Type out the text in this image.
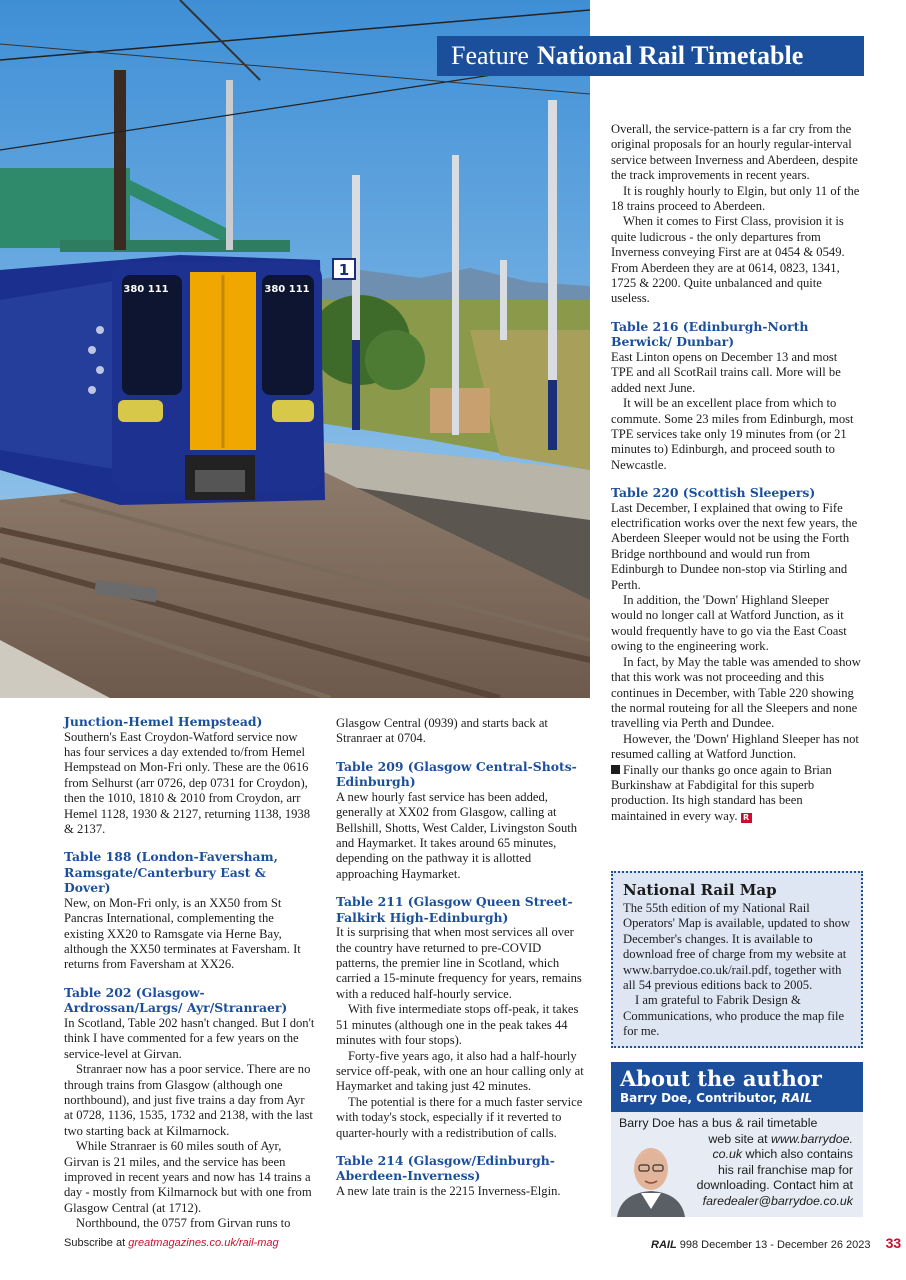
1
380 111	380 111
Feature National Rail Timetable
Junction-Hemel Hempstead)

Southern's East Croydon-Watford service now has four services a day extended to/from Hemel Hempstead on Mon-Fri only. These are the 0616 from Selhurst (arr 0726, dep 0731 for Croydon), then the 1010, 1810 & 2010 from Croydon, arr Hemel 1128, 1930 & 2127, returning 1138, 1938 & 2137.

Table 188 (London-Faversham, Ramsgate/Canterbury East & Dover)

New, on Mon-Fri only, is an XX50 from St Pancras International, complementing the existing XX20 to Ramsgate via Herne Bay, although the XX50 terminates at Faversham. It returns from Faversham at XX26.

Table 202 (Glasgow-Ardrossan/Largs/ Ayr/Stranraer)

In Scotland, Table 202 hasn't changed. But I don't think I have commented for a few years on the service-level at Girvan.

Stranraer now has a poor service. There are no through trains from Glasgow (although one northbound), and just five trains a day from Ayr at 0728, 1136, 1535, 1732 and 2138, with the last two starting back at Kilmarnock.

While Stranraer is 60 miles south of Ayr, Girvan is 21 miles, and the service has been improved in recent years and now has 14 trains a day - mostly from Kilmarnock but with one from Glasgow Central (at 1712).

Northbound, the 0757 from Girvan runs to

Glasgow Central (0939) and starts back at Stranraer at 0704.

Table 209 (Glasgow Central-Shots-Edinburgh)

A new hourly fast service has been added, generally at XX02 from Glasgow, calling at Bellshill, Shotts, West Calder, Livingston South and Haymarket. It takes around 65 minutes, depending on the pathway it is allotted approaching Haymarket.

Table 211 (Glasgow Queen Street-Falkirk High-Edinburgh)

It is surprising that when most services all over the country have returned to pre-COVID patterns, the premier line in Scotland, which carried a 15-minute frequency for years, remains with a reduced half-hourly service.

With five intermediate stops off-peak, it takes 51 minutes (although one in the peak takes 44 minutes with four stops).

Forty-five years ago, it also had a half-hourly service off-peak, with one an hour calling only at Haymarket and taking just 42 minutes.

The potential is there for a much faster service with today's stock, especially if it reverted to quarter-hourly with a redistribution of calls.

Table 214 (Glasgow/Edinburgh-Aberdeen-Inverness)

A new late train is the 2215 Inverness-Elgin.

Overall, the service-pattern is a far cry from the original proposals for an hourly regular-interval service between Inverness and Aberdeen, despite the track improvements in recent years.

It is roughly hourly to Elgin, but only 11 of the 18 trains proceed to Aberdeen.

When it comes to First Class, provision it is quite ludicrous - the only departures from Inverness conveying First are at 0454 & 0549. From Aberdeen they are at 0614, 0823, 1341, 1725 & 2200. Quite unbalanced and quite useless.

Table 216 (Edinburgh-North Berwick/ Dunbar)

East Linton opens on December 13 and most TPE and all ScotRail trains call. More will be added next June.

It will be an excellent place from which to commute. Some 23 miles from Edinburgh, most TPE services take only 19 minutes from (or 21 minutes to) Edinburgh, and proceed south to Newcastle.

Table 220 (Scottish Sleepers)

Last December, I explained that owing to Fife electrification works over the next few years, the Aberdeen Sleeper would not be using the Forth Bridge northbound and would run from Edinburgh to Dundee non-stop via Stirling and Perth.

In addition, the 'Down' Highland Sleeper would no longer call at Watford Junction, as it would frequently have to go via the East Coast owing to the engineering work.

In fact, by May the table was amended to show that this work was not proceeding and this continues in December, with Table 220 showing the normal routeing for all the Sleepers and none travelling via Perth and Dundee.

However, the 'Down' Highland Sleeper has not resumed calling at Watford Junction.

Finally our thanks go once again to Brian Burkinshaw at Fabdigital for this superb production. Its high standard has been maintained in every way. R

National Rail Map

The 55th edition of my National Rail Operators' Map is available, updated to show December's changes. It is available to download free of charge from my website at www.barrydoe.co.uk/rail.pdf, together with all 54 previous editions back to 2005.

I am grateful to Fabrik Design & Communications, who produce the map file for me.

About the author
Barry Doe, Contributor, RAIL
Barry Doe has a bus & rail timetable
web site at www.barrydoe.
co.uk which also contains
his rail franchise map for
downloading. Contact him at
faredealer@barrydoe.co.uk
Subscribe at greatmagazines.co.uk/rail-mag	RAIL 998 December 13 - December 26 2023 33
